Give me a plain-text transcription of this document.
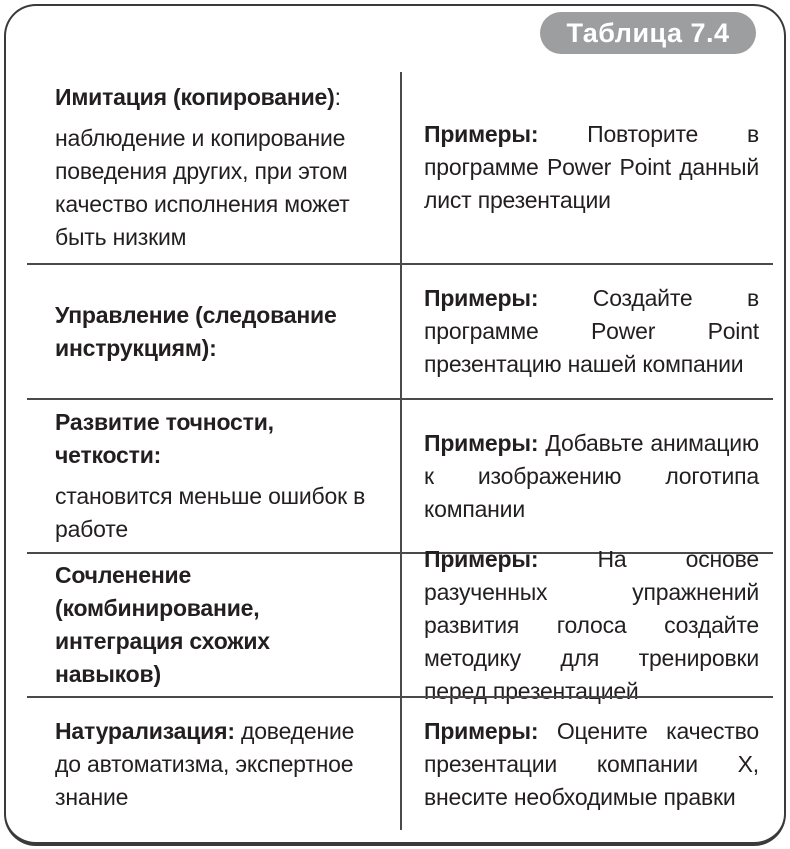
Таблица 7.4
Имитация (копирование):
наблюдение и копирование поведения других, при этом качество исполнения может быть низким

Примеры: Повторите в программе Power Point данный лист презентации

Управление (следование инструкциям):

Примеры: Создайте в программе Power Point презентацию нашей компании

Развитие точности, четкости:
становится меньше ошибок в работе

Примеры: Добавьте анимацию к изображению логотипа компании

Сочленение (комбинирование, интеграция схожих навыков)

Примеры:	На основе разученных упражнений развития голоса создайте методику для тренировки перед презентацией

Натурализация: доведение до автоматизма, экспертное знание

Примеры: Оцените качество презентации компании Х, внесите необходимые правки
